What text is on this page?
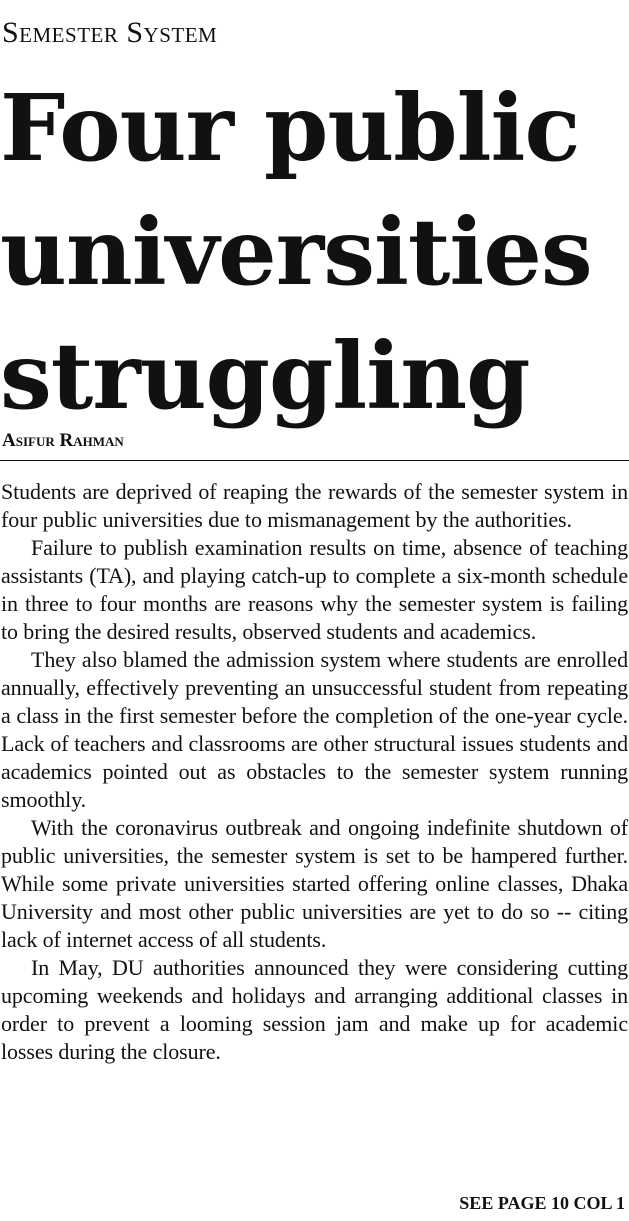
Semester System
Four public universities struggling
Asifur Rahman

Students are deprived of reaping the rewards of the semester system in four public universities due to mismanagement by the authorities.

Failure to publish examination results on time, absence of teaching assistants (TA), and playing catch-up to complete a six-month schedule in three to four months are reasons why the semester system is failing to bring the desired results, observed students and academics.

They also blamed the admission system where students are enrolled annually, effectively preventing an unsuccessful student from repeating a class in the first semester before the completion of the one-year cycle. Lack of teachers and classrooms are other structural issues students and academics pointed out as obstacles to the semester system running smoothly.

With the coronavirus outbreak and ongoing indefinite shutdown of public universities, the semester system is set to be hampered further. While some private universities started offering online classes, Dhaka University and most other public universities are yet to do so -- citing lack of internet access of all students.

In May, DU authorities announced they were considering cutting upcoming weekends and holidays and arranging additional classes in order to prevent a looming session jam and make up for academic losses during the closure.

SEE PAGE 10 COL 1
